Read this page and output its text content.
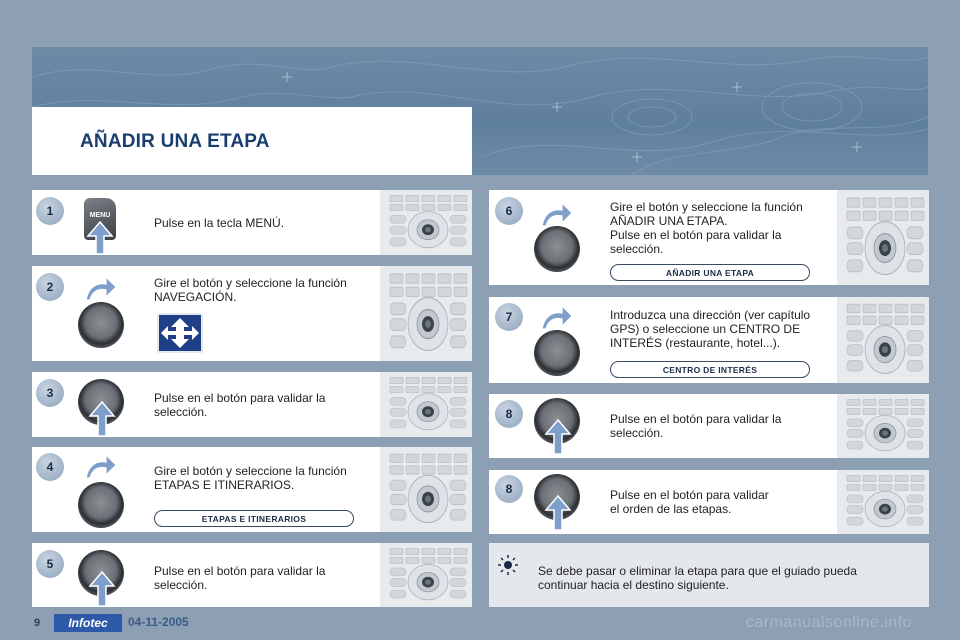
AÑADIR UNA ETAPA
1	MENU
Pulse en la tecla MENÚ.
2	Gire el botón y seleccione la función NAVEGACIÓN.
3	Pulse en el botón para validar la selección.
4	Gire el botón y seleccione la función ETAPAS E ITINERARIOS.
ETAPAS E ITINERARIOS
5	Pulse en el botón para validar la selección.
6	Gire el botón y seleccione la función AÑADIR UNA ETAPA.
Pulse en el botón para validar la selección.
AÑADIR UNA ETAPA
7	Introduzca una dirección (ver capítulo GPS) o seleccione un CENTRO DE INTERÉS (restaurante, hotel...).
CENTRO DE INTERÉS
8	Pulse en el botón para validar la selección.
8	Pulse en el botón para validar
el orden de las etapas.
Se debe pasar o eliminar la etapa para que el guiado pueda continuar hacia el destino siguiente.
9 Infotec 04-11-2005	carmanualsonline.info
